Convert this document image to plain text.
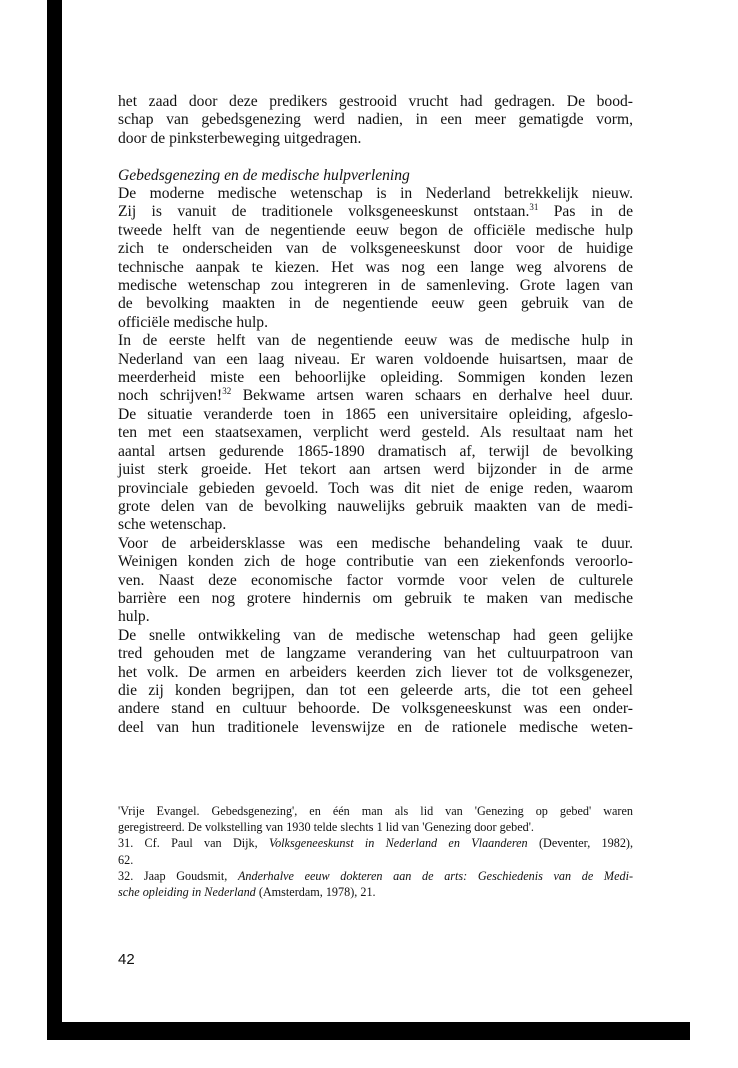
het zaad door deze predikers gestrooid vrucht had gedragen. De bood-
schap van gebedsgenezing werd nadien, in een meer gematigde vorm,
door de pinksterbeweging uitgedragen.
Gebedsgenezing en de medische hulpverlening
De moderne medische wetenschap is in Nederland betrekkelijk nieuw.
Zij is vanuit de traditionele volksgeneeskunst ontstaan.$^{31}$ Pas in de
tweede helft van de negentiende eeuw begon de officiële medische hulp
zich te onderscheiden van de volksgeneeskunst door voor de huidige
technische aanpak te kiezen. Het was nog een lange weg alvorens de
medische wetenschap zou integreren in de samenleving. Grote lagen van
de bevolking maakten in de negentiende eeuw geen gebruik van de
officiële medische hulp.
In de eerste helft van de negentiende eeuw was de medische hulp in
Nederland van een laag niveau. Er waren voldoende huisartsen, maar de
meerderheid miste een behoorlijke opleiding. Sommigen konden lezen
noch schrijven!$^{32}$ Bekwame artsen waren schaars en derhalve heel duur.
De situatie veranderde toen in 1865 een universitaire opleiding, afgeslo-
ten met een staatsexamen, verplicht werd gesteld. Als resultaat nam het
aantal artsen gedurende 1865-1890 dramatisch af, terwijl de bevolking
juist sterk groeide. Het tekort aan artsen werd bijzonder in de arme
provinciale gebieden gevoeld. Toch was dit niet de enige reden, waarom
grote delen van de bevolking nauwelijks gebruik maakten van de medi-
sche wetenschap.
Voor de arbeidersklasse was een medische behandeling vaak te duur.
Weinigen konden zich de hoge contributie van een ziekenfonds veroorlo-
ven. Naast deze economische factor vormde voor velen de culturele
barrière een nog grotere hindernis om gebruik te maken van medische
hulp.
De snelle ontwikkeling van de medische wetenschap had geen gelijke
tred gehouden met de langzame verandering van het cultuurpatroon van
het volk. De armen en arbeiders keerden zich liever tot de volksgenezer,
die zij konden begrijpen, dan tot een geleerde arts, die tot een geheel
andere stand en cultuur behoorde. De volksgeneeskunst was een onder-
deel van hun traditionele levenswijze en de rationele medische weten-
'Vrije Evangel. Gebedsgenezing', en één man als lid van 'Genezing op gebed' waren
geregistreerd. De volkstelling van 1930 telde slechts 1 lid van 'Genezing door gebed'.
31. Cf. Paul van Dijk, Volksgeneeskunst in Nederland en Vlaanderen (Deventer, 1982),
62.
32. Jaap Goudsmit, Anderhalve eeuw dokteren aan de arts: Geschiedenis van de Medi-
sche opleiding in Nederland (Amsterdam, 1978), 21.
42
